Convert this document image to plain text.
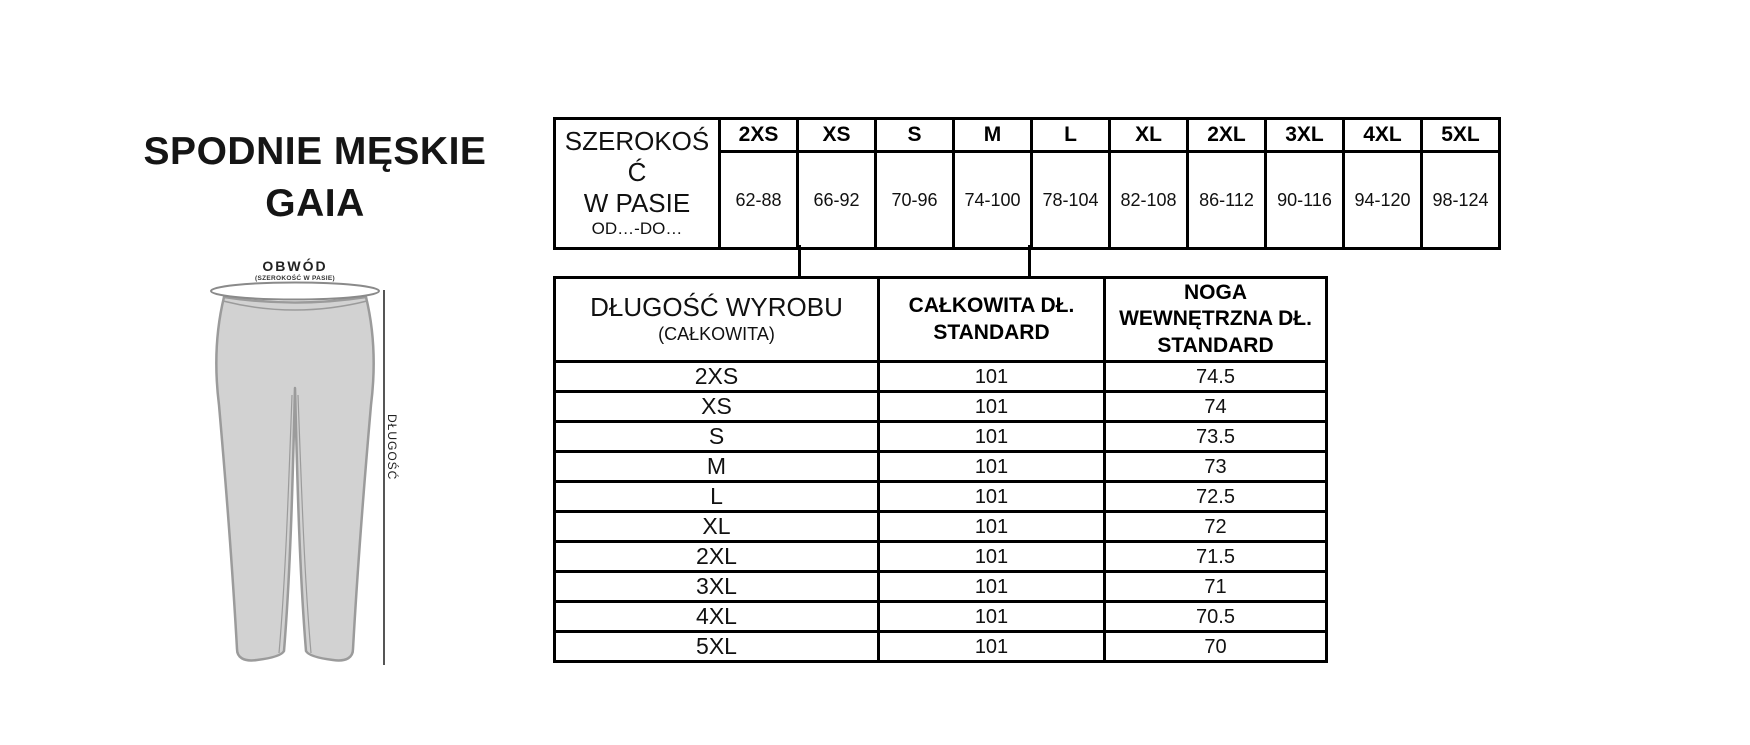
SPODNIE MĘSKIE
GAIA
OBWÓD
(SZEROKOŚĆ W PASIE)
DŁUGOŚĆ
SZEROKOŚ
Ć
W PASIE
OD…-DO…	2XS	XS	S	M	L	XL	2XL	3XL	4XL	5XL
	62-88	66-92	70-96	74-100	78-104	82-108	86-112	90-116	94-120	98-124
DŁUGOŚĆ WYROBU
(CAŁKOWITA)

CAŁKOWITA DŁ.
STANDARD

NOGA
WEWNĘTRZNA DŁ.
STANDARD

2XS	101	74.5
XS	101	74
S	101	73.5
M	101	73
L	101	72.5
XL	101	72
2XL	101	71.5
3XL	101	71
4XL	101	70.5
5XL	101	70
